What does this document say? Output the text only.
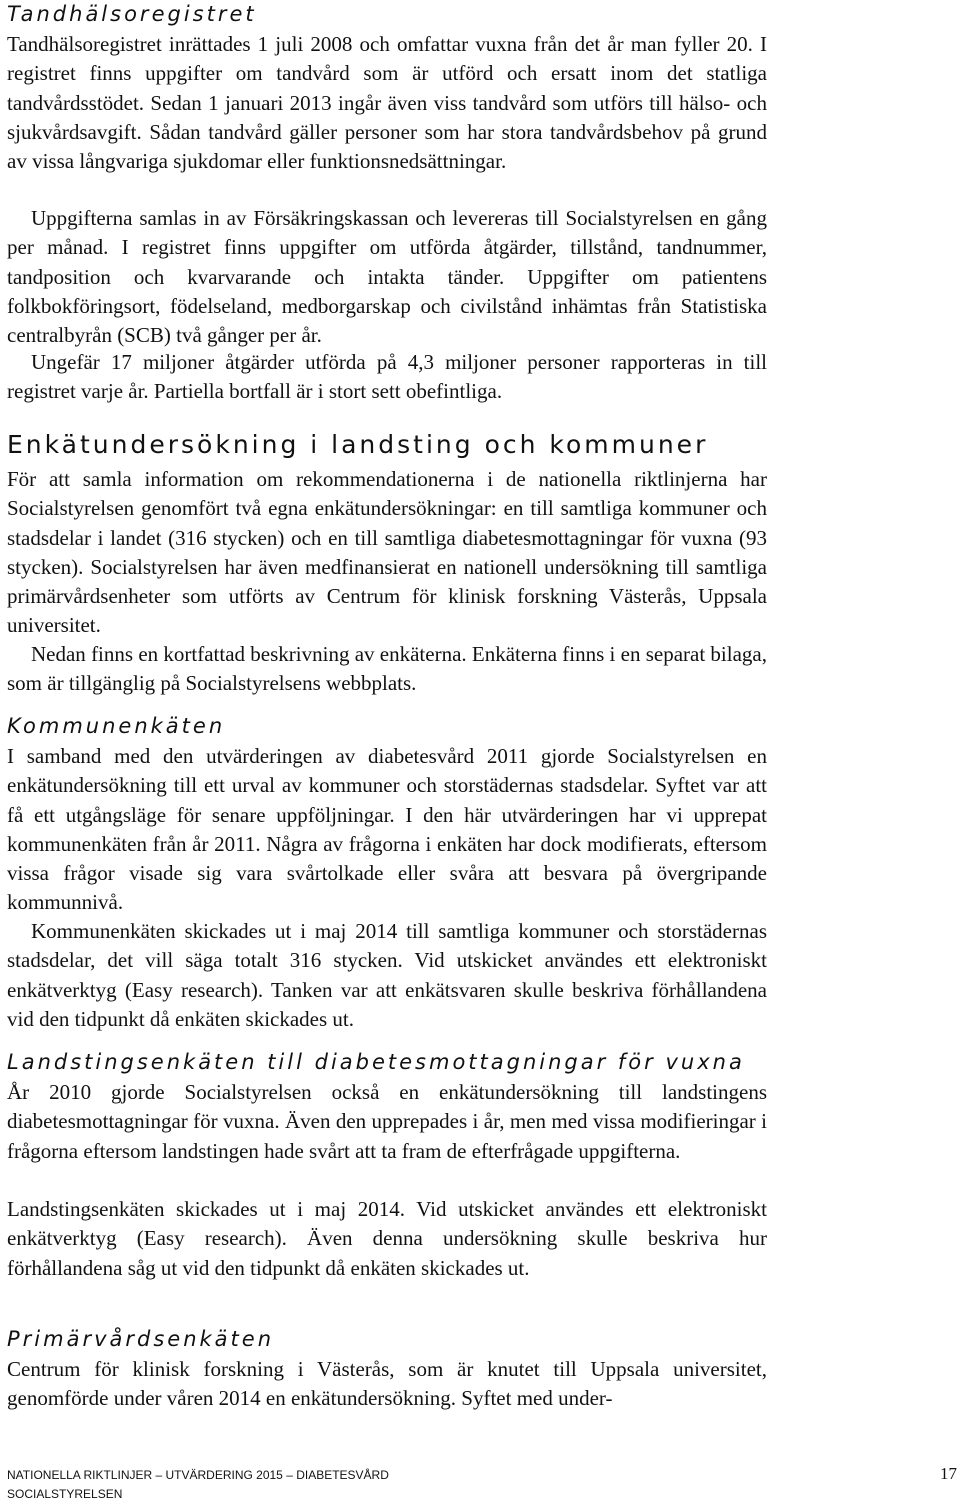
Tandhälsoregistret

Tandhälsoregistret inrättades 1 juli 2008 och omfattar vuxna från det år man fyller 20. I registret finns uppgifter om tandvård som är utförd och ersatt inom det statliga tandvårdsstödet. Sedan 1 januari 2013 ingår även viss tandvård som utförs till hälso- och sjukvårdsavgift. Sådan tandvård gäller personer som har stora tandvårdsbehov på grund av vissa långvariga sjukdomar eller funktionsnedsättningar.

Uppgifterna samlas in av Försäkringskassan och levereras till Socialstyrelsen en gång per månad. I registret finns uppgifter om utförda åtgärder, tillstånd, tandnummer, tandposition och kvarvarande och intakta tänder. Uppgifter om patientens folkbokföringsort, födelseland, medborgarskap och civilstånd inhämtas från Statistiska centralbyrån (SCB) två gånger per år.

Ungefär 17 miljoner åtgärder utförda på 4,3 miljoner personer rapporteras in till registret varje år. Partiella bortfall är i stort sett obefintliga.

Enkätundersökning i landsting och kommuner

För att samla information om rekommendationerna i de nationella riktlinjerna har Socialstyrelsen genomfört två egna enkätundersökningar: en till samtliga kommuner och stadsdelar i landet (316 stycken) och en till samtliga diabetesmottagningar för vuxna (93 stycken). Socialstyrelsen har även medfinansierat en nationell undersökning till samtliga primärvårdsenheter som utförts av Centrum för klinisk forskning Västerås, Uppsala universitet.

Nedan finns en kortfattad beskrivning av enkäterna. Enkäterna finns i en separat bilaga, som är tillgänglig på Socialstyrelsens webbplats.

Kommunenkäten

I samband med den utvärderingen av diabetesvård 2011 gjorde Socialstyrelsen en enkätundersökning till ett urval av kommuner och storstädernas stadsdelar. Syftet var att få ett utgångsläge för senare uppföljningar. I den här utvärderingen har vi upprepat kommunenkäten från år 2011. Några av frågorna i enkäten har dock modifierats, eftersom vissa frågor visade sig vara svårtolkade eller svåra att besvara på övergripande kommunnivå.

Kommunenkäten skickades ut i maj 2014 till samtliga kommuner och storstädernas stadsdelar, det vill säga totalt 316 stycken. Vid utskicket användes ett elektroniskt enkätverktyg (Easy research). Tanken var att enkätsvaren skulle beskriva förhållandena vid den tidpunkt då enkäten skickades ut.

Landstingsenkäten till diabetesmottagningar för vuxna

År 2010 gjorde Socialstyrelsen också en enkätundersökning till landstingens diabetesmottagningar för vuxna. Även den upprepades i år, men med vissa modifieringar i frågorna eftersom landstingen hade svårt att ta fram de efterfrågade uppgifterna.

Landstingsenkäten skickades ut i maj 2014. Vid utskicket användes ett elektroniskt enkätverktyg (Easy research). Även denna undersökning skulle beskriva hur förhållandena såg ut vid den tidpunkt då enkäten skickades ut.

Primärvårdsenkäten

Centrum för klinisk forskning i Västerås, som är knutet till Uppsala universitet, genomförde under våren 2014 en enkätundersökning. Syftet med under-

NATIONELLA RIKTLINJER – UTVÄRDERING 2015 – DIABETESVÅRD
SOCIALSTYRELSEN
17
